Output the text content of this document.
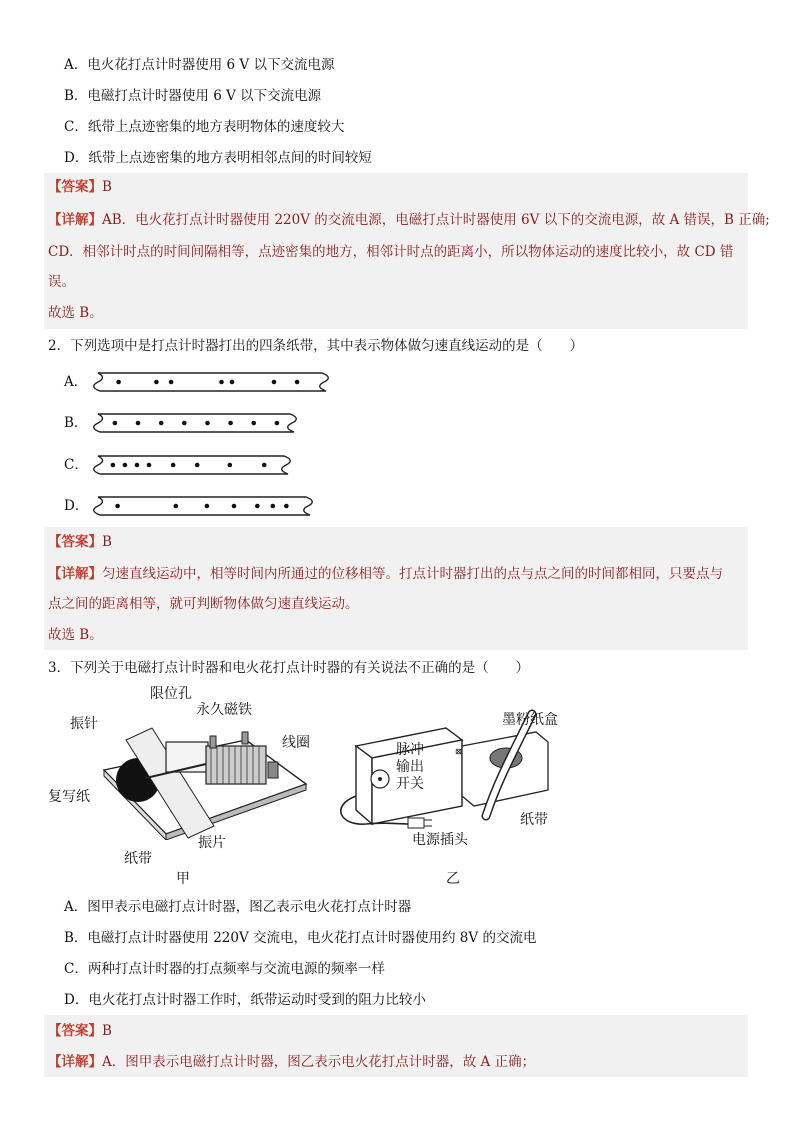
A．电火花打点计时器使用 6 V 以下交流电源
B．电磁打点计时器使用 6 V 以下交流电源
C．纸带上点迹密集的地方表明物体的速度较大
D．纸带上点迹密集的地方表明相邻点间的时间较短
【答案】B
【详解】AB．电火花打点计时器使用 220V 的交流电源，电磁打点计时器使用 6V 以下的交流电源，故 A 错误，B 正确;
CD．相邻计时点的时间间隔相等，点迹密集的地方，相邻计时点的距离小，所以物体运动的速度比较小，故 CD 错
误。
故选 B。
2．下列选项中是打点计时器打出的四条纸带，其中表示物体做匀速直线运动的是（　　）
A．
B．
C．
D．
【答案】B
【详解】匀速直线运动中，相等时间内所通过的位移相等。打点计时器打出的点与点之间的时间都相同，只要点与
点之间的距离相等，就可判断物体做匀速直线运动。
故选 B。
3．下列关于电磁打点计时器和电火花打点计时器的有关说法不正确的是（　　）
限位孔
永久磁铁
振针
线圈
复写纸
纸带
振片
甲
⊠
脉冲
输出
开关
墨粉纸盒
纸带
电源插头
乙
A．图甲表示电磁打点计时器，图乙表示电火花打点计时器
B．电磁打点计时器使用 220V 交流电，电火花打点计时器使用约 8V 的交流电
C．两种打点计时器的打点频率与交流电源的频率一样
D．电火花打点计时器工作时，纸带运动时受到的阻力比较小
【答案】B
【详解】A．图甲表示电磁打点计时器，图乙表示电火花打点计时器，故 A 正确；
